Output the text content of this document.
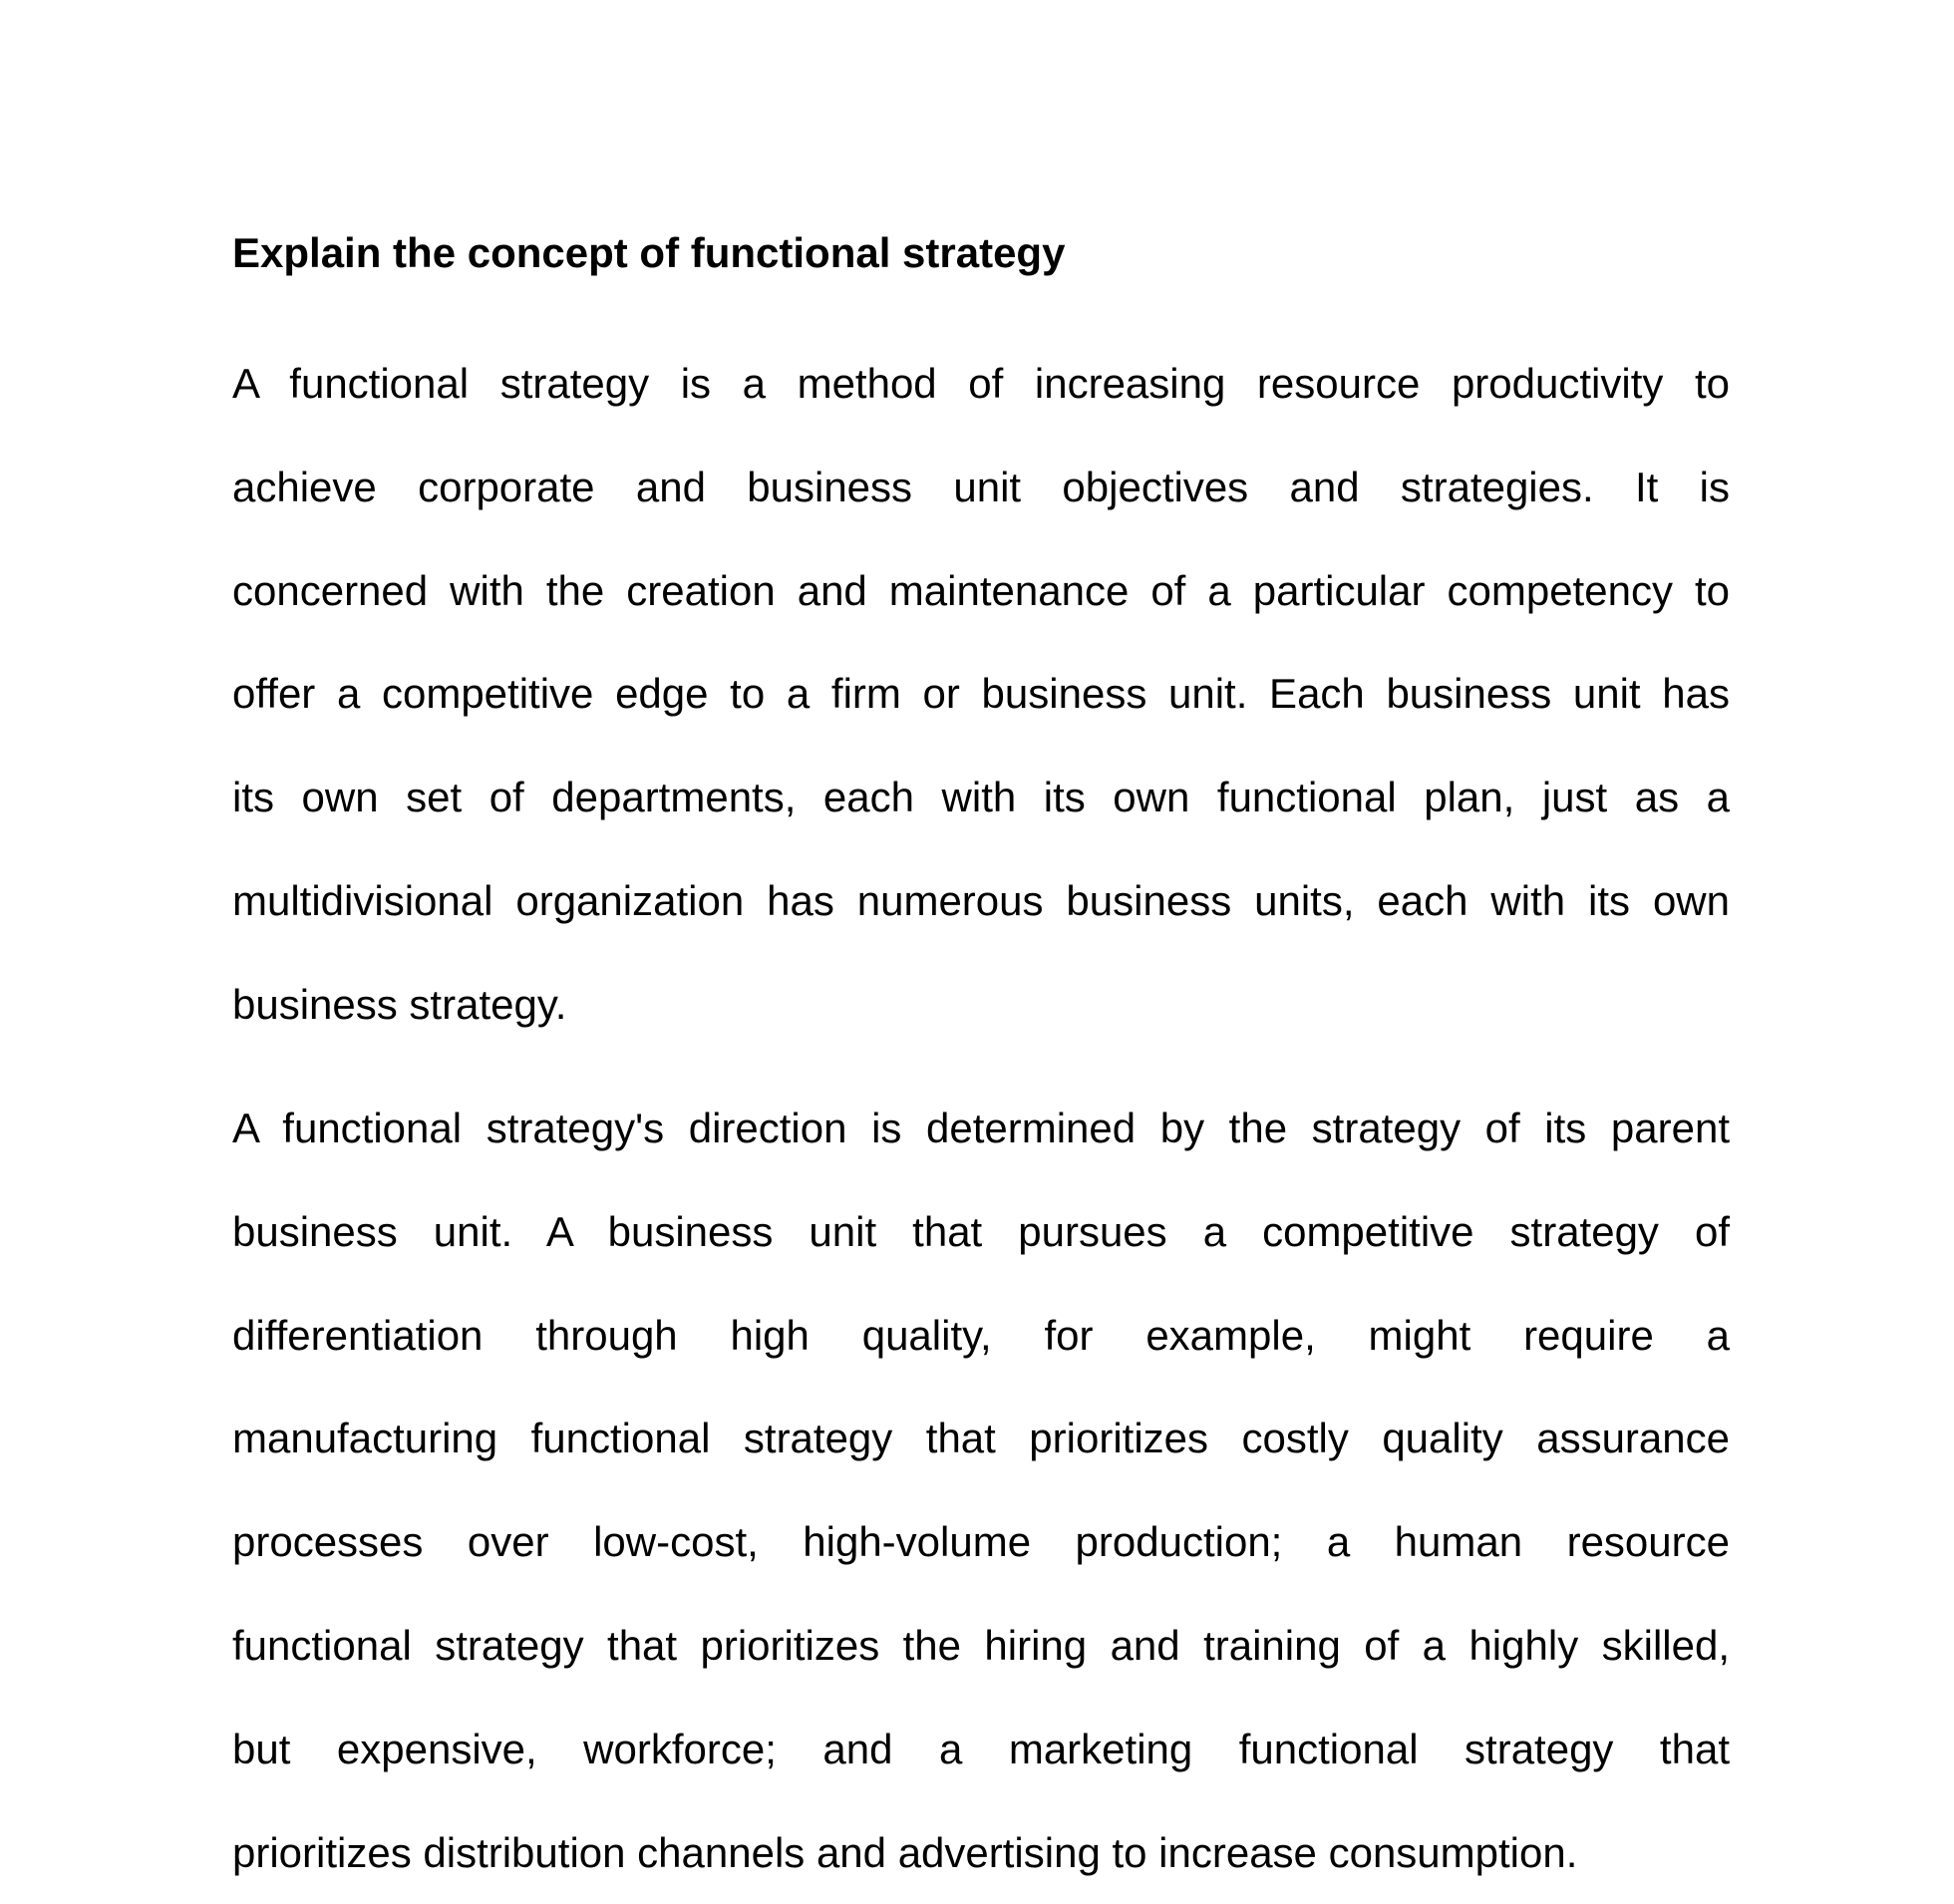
Explain the concept of functional strategy
A functional strategy is a method of increasing resource productivity to
achieve corporate and business unit objectives and strategies. It is
concerned with the creation and maintenance of a particular competency to
offer a competitive edge to a firm or business unit. Each business unit has
its own set of departments, each with its own functional plan, just as a
multidivisional organization has numerous business units, each with its own
business strategy.
A functional strategy's direction is determined by the strategy of its parent
business unit. A business unit that pursues a competitive strategy of
differentiation through high quality, for example, might require a
manufacturing functional strategy that prioritizes costly quality assurance
processes over low-cost, high-volume production; a human resource
functional strategy that prioritizes the hiring and training of a highly skilled,
but expensive, workforce; and a marketing functional strategy that
prioritizes distribution channels and advertising to increase consumption.
